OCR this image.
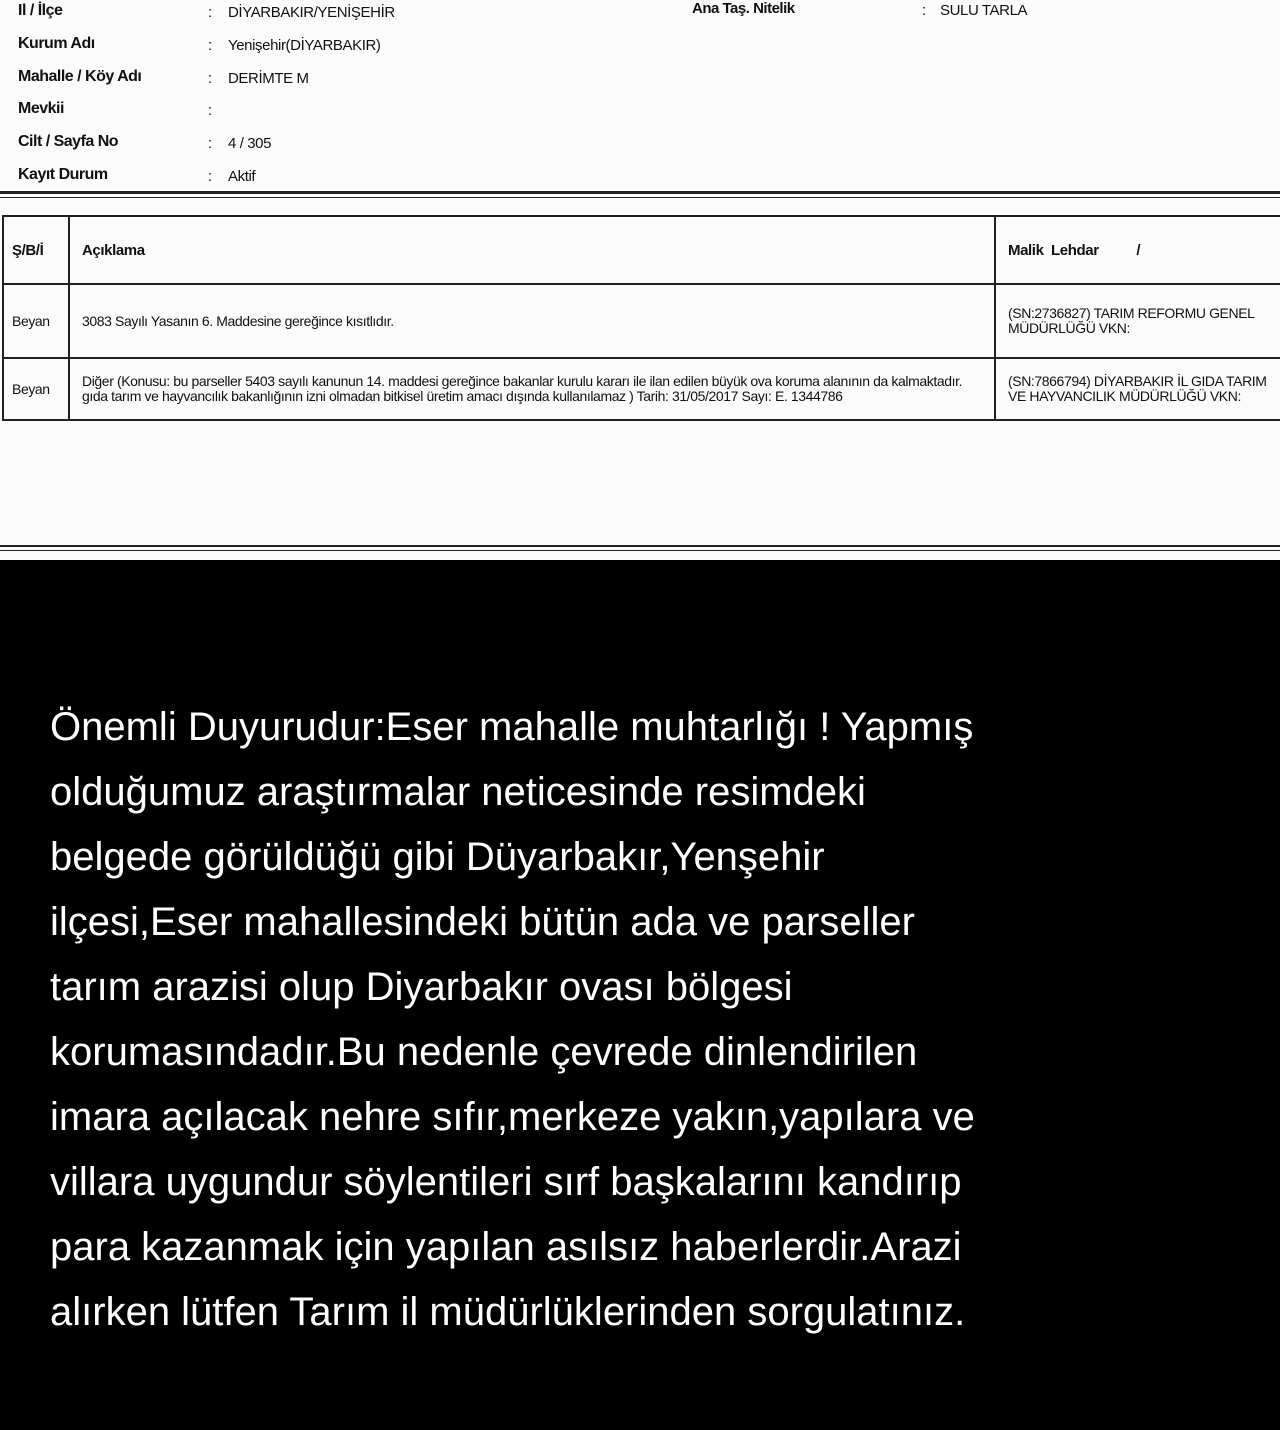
Il / İlçe	: DİYARBAKIR/YENİŞEHİR
Kurum Adı	: Yenişehir(DİYARBAKIR)
Mahalle / Köy Adı	: DERİMTE M
Mevkii	:
Cilt / Sayfa No	: 4 / 305
Kayıt Durum	: Aktif
Ana Taş. Nitelik	: SULU TARLA
Ş/B/İ	Açıklama	Malik  Lehdar          /
Beyan	3083 Sayılı Yasanın 6. Maddesine gereğince kısıtlıdır.	(SN:2736827) TARIM REFORMU GENEL MÜDÜRLÜĞÜ VKN:
Beyan	Diğer (Konusu: bu parseller 5403 sayılı kanunun 14. maddesi gereğince bakanlar kurulu kararı ile ilan edilen büyük ova koruma alanının da kalmaktadır. gıda tarım ve hayvancılık bakanlığının izni olmadan bitkisel üretim amacı dışında kullanılamaz ) Tarih: 31/05/2017 Sayı: E. 1344786	(SN:7866794) DİYARBAKIR İL GIDA TARIM VE HAYVANCILIK MÜDÜRLÜĞÜ VKN:
Önemli Duyurudur:Eser mahalle muhtarlığı ! Yapmış
olduğumuz araştırmalar neticesinde resimdeki
belgede görüldüğü gibi Düyarbakır,Yenşehir
ilçesi,Eser mahallesindeki bütün ada ve parseller
tarım arazisi olup Diyarbakır ovası bölgesi
korumasındadır.Bu nedenle çevrede dinlendirilen
imara açılacak nehre sıfır,merkeze yakın,yapılara ve
villara uygundur söylentileri sırf başkalarını kandırıp
para kazanmak için yapılan asılsız haberlerdir.Arazi
alırken lütfen Tarım il müdürlüklerinden sorgulatınız.
